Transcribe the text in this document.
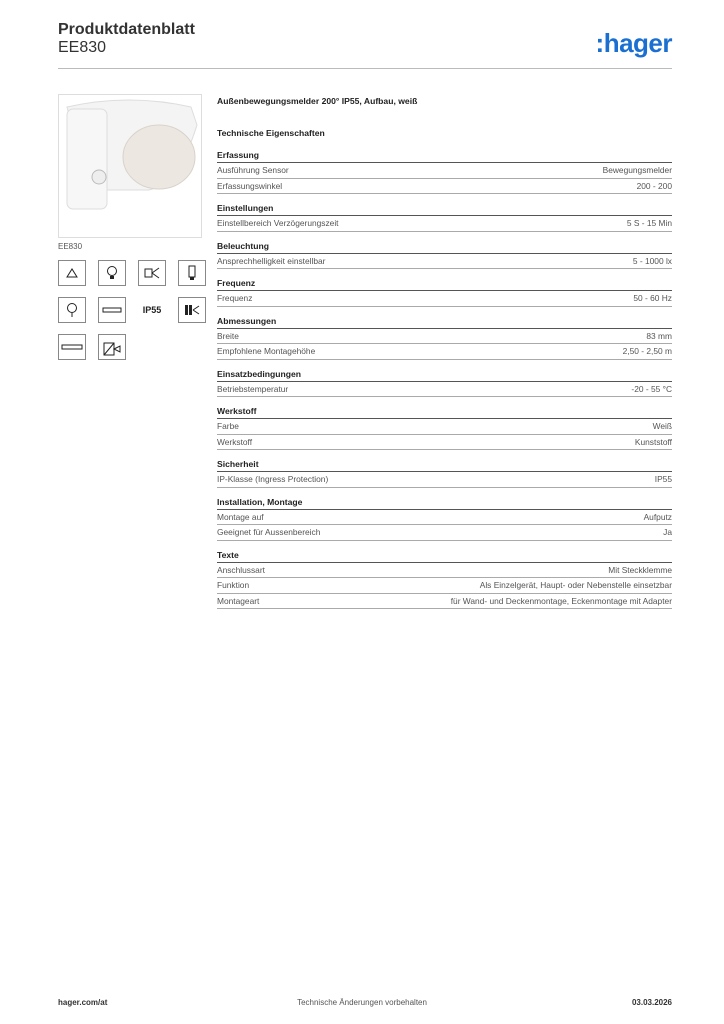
Produktdatenblatt
EE830	:hager
EE830
IP55
Außenbewegungsmelder 200° IP55, Aufbau, weiß
Technische Eigenschaften
Erfassung
Ausführung Sensor	Bewegungsmelder
Erfassungswinkel	200 - 200
Einstellungen
Einstellbereich Verzögerungszeit	5 S - 15 Min
Beleuchtung
Ansprechhelligkeit einstellbar	5 - 1000 lx
Frequenz
Frequenz	50 - 60 Hz
Abmessungen
Breite	83 mm
Empfohlene Montagehöhe	2,50 - 2,50 m
Einsatzbedingungen
Betriebstemperatur	-20 - 55 °C
Werkstoff
Farbe	Weiß
Werkstoff	Kunststoff
Sicherheit
IP-Klasse (Ingress Protection)	IP55
Installation, Montage
Montage auf	Aufputz
Geeignet für Aussenbereich	Ja
Texte
Anschlussart	Mit Steckklemme
Funktion	Als Einzelgerät, Haupt- oder Nebenstelle einsetzbar
Montageart	für Wand- und Deckenmontage, Eckenmontage mit Adapter
hager.com/at	Technische Änderungen vorbehalten	03.03.2026
